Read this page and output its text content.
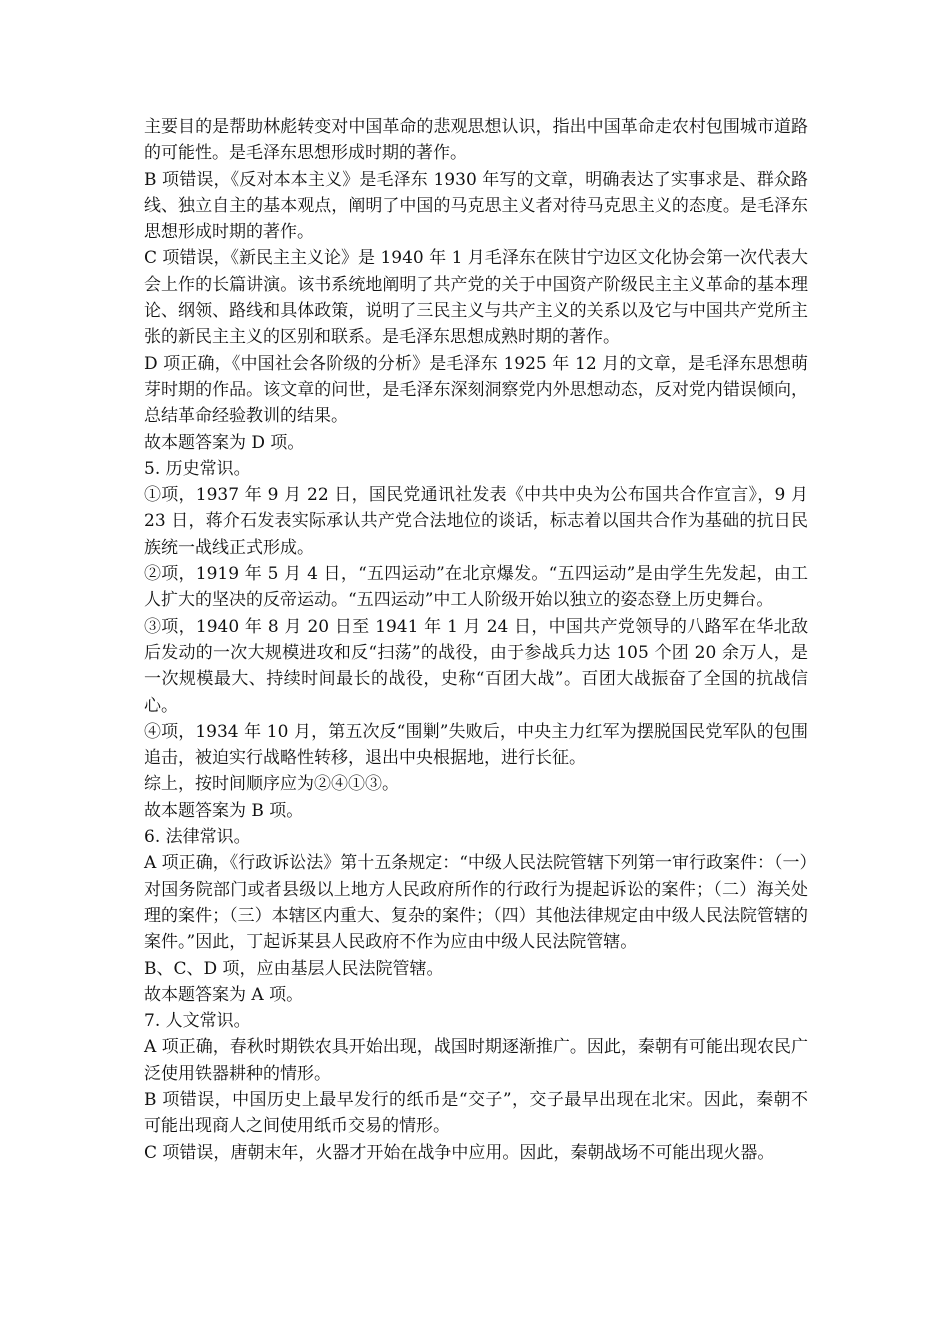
主要目的是帮助林彪转变对中国革命的悲观思想认识，指出中国革命走农村包围城市道路的可能性。是毛泽东思想形成时期的著作。

B 项错误，《反对本本主义》是毛泽东 1930 年写的文章，明确表达了实事求是、群众路线、独立自主的基本观点，阐明了中国的马克思主义者对待马克思主义的态度。是毛泽东思想形成时期的著作。

C 项错误，《新民主主义论》是 1940 年 1 月毛泽东在陕甘宁边区文化协会第一次代表大会上作的长篇讲演。该书系统地阐明了共产党的关于中国资产阶级民主主义革命的基本理论、纲领、路线和具体政策，说明了三民主义与共产主义的关系以及它与中国共产党所主张的新民主主义的区别和联系。是毛泽东思想成熟时期的著作。

D 项正确，《中国社会各阶级的分析》是毛泽东 1925 年 12 月的文章，是毛泽东思想萌芽时期的作品。该文章的问世，是毛泽东深刻洞察党内外思想动态，反对党内错误倾向，总结革命经验教训的结果。

故本题答案为 D 项。

5. 历史常识。

①项，1937 年 9 月 22 日，国民党通讯社发表《中共中央为公布国共合作宣言》，9 月 23 日，蒋介石发表实际承认共产党合法地位的谈话，标志着以国共合作为基础的抗日民族统一战线正式形成。

②项，1919 年 5 月 4 日，“五四运动”在北京爆发。“五四运动”是由学生先发起，由工人扩大的坚决的反帝运动。“五四运动”中工人阶级开始以独立的姿态登上历史舞台。

③项，1940 年 8 月 20 日至 1941 年 1 月 24 日，中国共产党领导的八路军在华北敌后发动的一次大规模进攻和反“扫荡”的战役，由于参战兵力达 105 个团 20 余万人，是一次规模最大、持续时间最长的战役，史称“百团大战”。百团大战振奋了全国的抗战信心。

④项，1934 年 10 月，第五次反“围剿”失败后，中央主力红军为摆脱国民党军队的包围追击，被迫实行战略性转移，退出中央根据地，进行长征。

综上，按时间顺序应为②④①③。

故本题答案为 B 项。

6. 法律常识。

A 项正确，《行政诉讼法》第十五条规定：“中级人民法院管辖下列第一审行政案件：（一）对国务院部门或者县级以上地方人民政府所作的行政行为提起诉讼的案件；（二）海关处理的案件；（三）本辖区内重大、复杂的案件；（四）其他法律规定由中级人民法院管辖的案件。”因此，丁起诉某县人民政府不作为应由中级人民法院管辖。

B、C、D 项，应由基层人民法院管辖。

故本题答案为 A 项。

7. 人文常识。

A 项正确，春秋时期铁农具开始出现，战国时期逐渐推广。因此，秦朝有可能出现农民广泛使用铁器耕种的情形。

B 项错误，中国历史上最早发行的纸币是“交子”，交子最早出现在北宋。因此，秦朝不可能出现商人之间使用纸币交易的情形。

C 项错误，唐朝末年，火器才开始在战争中应用。因此，秦朝战场不可能出现火器。
